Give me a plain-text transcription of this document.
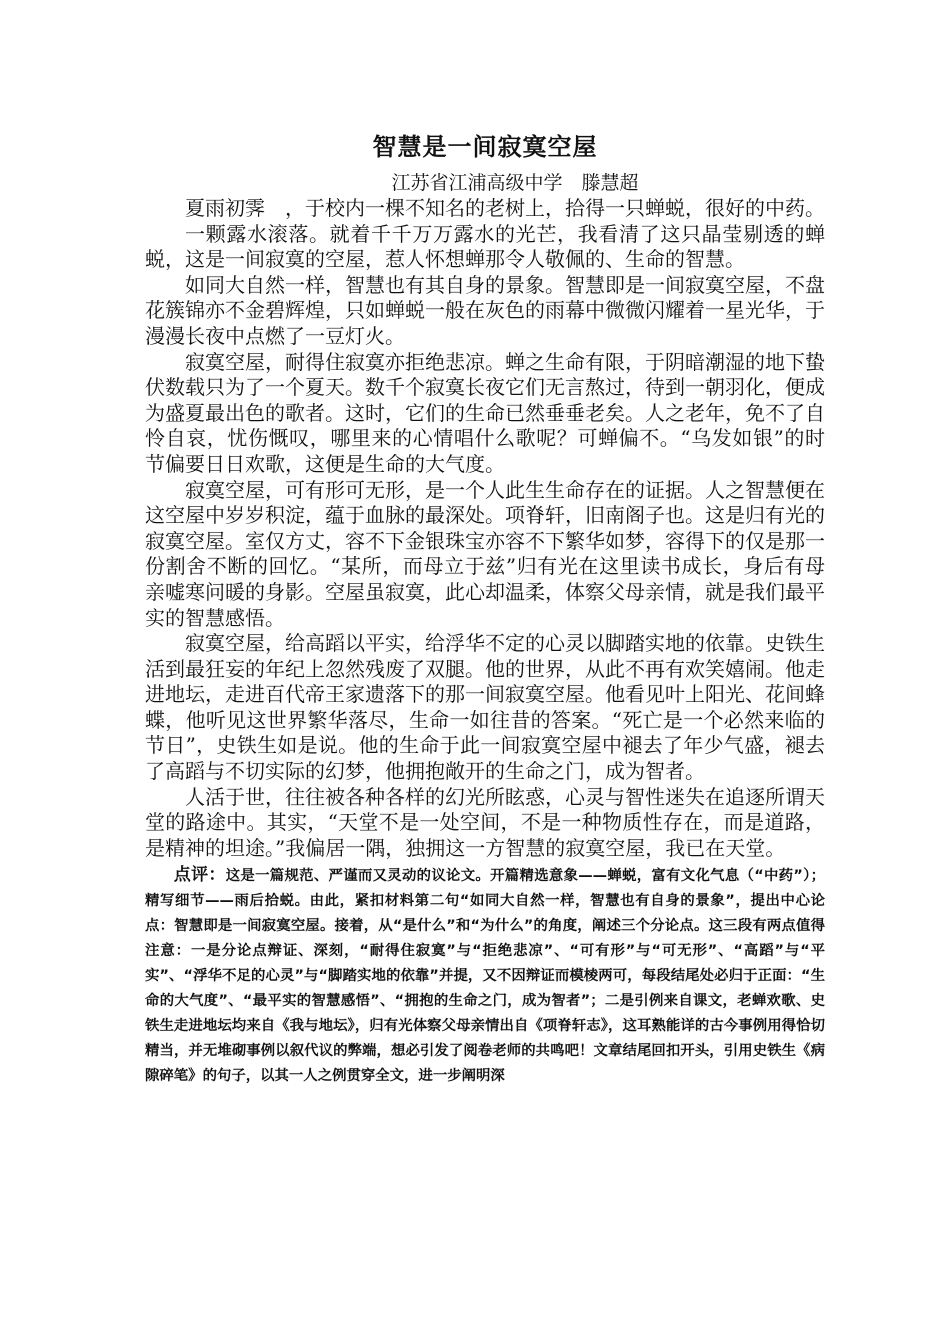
智慧是一间寂寞空屋

江苏省江浦高级中学　滕慧超

夏雨初霁　，于校内一棵不知名的老树上，拾得一只蝉蜕，很好的中药。

一颗露水滚落。就着千千万万露水的光芒，我看清了这只晶莹剔透的蝉蜕，这是一间寂寞的空屋，惹人怀想蝉那令人敬佩的、生命的智慧。

如同大自然一样，智慧也有其自身的景象。智慧即是一间寂寞空屋，不盘花簇锦亦不金碧辉煌，只如蝉蜕一般在灰色的雨幕中微微闪耀着一星光华，于漫漫长夜中点燃了一豆灯火。

寂寞空屋，耐得住寂寞亦拒绝悲凉。蝉之生命有限，于阴暗潮湿的地下蛰伏数载只为了一个夏天。数千个寂寞长夜它们无言熬过，待到一朝羽化，便成为盛夏最出色的歌者。这时，它们的生命已然垂垂老矣。人之老年，免不了自怜自哀，忧伤慨叹，哪里来的心情唱什么歌呢？可蝉偏不。“乌发如银”的时节偏要日日欢歌，这便是生命的大气度。

寂寞空屋，可有形可无形，是一个人此生生命存在的证据。人之智慧便在这空屋中岁岁积淀，蕴于血脉的最深处。项脊轩，旧南阁子也。这是归有光的寂寞空屋。室仅方丈，容不下金银珠宝亦容不下繁华如梦，容得下的仅是那一份割舍不断的回忆。“某所，而母立于兹”归有光在这里读书成长，身后有母亲嘘寒问暖的身影。空屋虽寂寞，此心却温柔，体察父母亲情，就是我们最平实的智慧感悟。

寂寞空屋，给高蹈以平实，给浮华不定的心灵以脚踏实地的依靠。史铁生活到最狂妄的年纪上忽然残废了双腿。他的世界，从此不再有欢笑嬉闹。他走进地坛，走进百代帝王家遗落下的那一间寂寞空屋。他看见叶上阳光、花间蜂蝶，他听见这世界繁华落尽，生命一如往昔的答案。“死亡是一个必然来临的节日”，史铁生如是说。他的生命于此一间寂寞空屋中褪去了年少气盛，褪去了高蹈与不切实际的幻梦，他拥抱敞开的生命之门，成为智者。

人活于世，往往被各种各样的幻光所眩惑，心灵与智性迷失在追逐所谓天堂的路途中。其实，“天堂不是一处空间，不是一种物质性存在，而是道路，是精神的坦途。”我偏居一隅，独拥这一方智慧的寂寞空屋，我已在天堂。

点评：这是一篇规范、严谨而又灵动的议论文。开篇精选意象——蝉蜕，富有文化气息（“中药”）；精写细节——雨后拾蜕。由此，紧扣材料第二句“如同大自然一样，智慧也有自身的景象”，提出中心论点：智慧即是一间寂寞空屋。接着，从“是什么”和“为什么”的角度，阐述三个分论点。这三段有两点值得注意：一是分论点辩证、深刻，“耐得住寂寞”与“拒绝悲凉”、“可有形”与“可无形”、“高蹈”与“平实”、“浮华不足的心灵”与“脚踏实地的依靠”并提，又不因辩证而模棱两可，每段结尾处必归于正面：“生命的大气度”、“最平实的智慧感悟”、“拥抱的生命之门，成为智者”；二是引例来自课文，老蝉欢歌、史铁生走进地坛均来自《我与地坛》，归有光体察父母亲情出自《项脊轩志》，这耳熟能详的古今事例用得恰切精当，并无堆砌事例以叙代议的弊端，想必引发了阅卷老师的共鸣吧！文章结尾回扣开头，引用史铁生《病隙碎笔》的句子，以其一人之例贯穿全文，进一步阐明深
